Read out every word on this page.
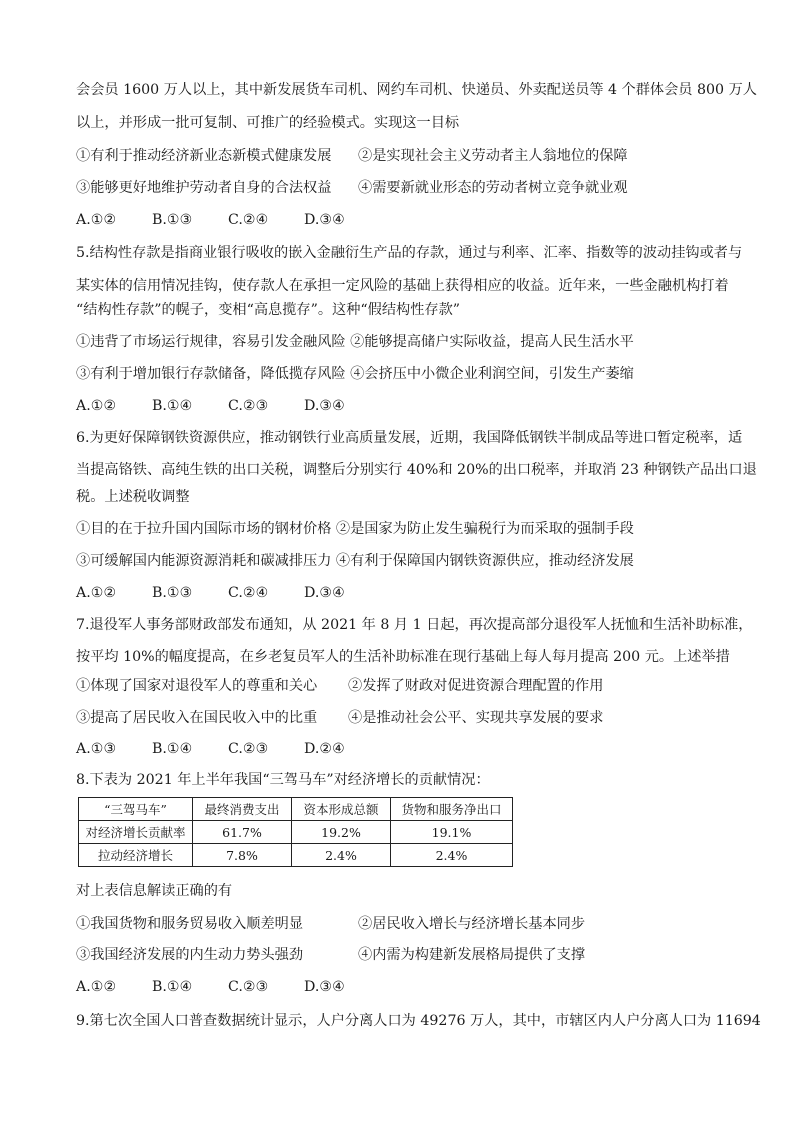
会会员 1600 万人以上，其中新发展货车司机、网约车司机、快递员、外卖配送员等 4 个群体会员 800 万人
以上，并形成一批可复制、可推广的经验模式。实现这一目标
①有利于推动经济新业态新模式健康发展 ②是实现社会主义劳动者主人翁地位的保障
③能够更好地维护劳动者自身的合法权益 ④需要新就业形态的劳动者树立竞争就业观
A.①②	B.①③	C.②④	D.③④
5.结构性存款是指商业银行吸收的嵌入金融衍生产品的存款，通过与利率、汇率、指数等的波动挂钩或者与
某实体的信用情况挂钩，使存款人在承担一定风险的基础上获得相应的收益。近年来，一些金融机构打着
“结构性存款”的幌子，变相“高息揽存”。这种“假结构性存款”
①违背了市场运行规律，容易引发金融风险 ②能够提高储户实际收益，提高人民生活水平
③有利于增加银行存款储备，降低揽存风险 ④会挤压中小微企业利润空间，引发生产萎缩
A.①②	B.①④	C.②③	D.③④
6.为更好保障钢铁资源供应，推动钢铁行业高质量发展，近期，我国降低钢铁半制成品等进口暂定税率，适
当提高铬铁、高纯生铁的出口关税，调整后分别实行 40%和 20%的出口税率，并取消 23 种钢铁产品出口退
税。上述税收调整
①目的在于拉升国内国际市场的钢材价格 ②是国家为防止发生骗税行为而采取的强制手段
③可缓解国内能源资源消耗和碳减排压力 ④有利于保障国内钢铁资源供应，推动经济发展
A.①②	B.①③	C.②④	D.③④
7.退役军人事务部财政部发布通知，从 2021 年 8 月 1 日起，再次提高部分退役军人抚恤和生活补助标准，
按平均 10%的幅度提高，在乡老复员军人的生活补助标准在现行基础上每人每月提高 200 元。上述举措
①体现了国家对退役军人的尊重和关心 ②发挥了财政对促进资源合理配置的作用
③提高了居民收入在国民收入中的比重 ④是推动社会公平、实现共享发展的要求
A.①③	B.①④	C.②③	D.②④
8.下表为 2021 年上半年我国“三驾马车”对经济增长的贡献情况：
“三驾马车”	最终消费支出	资本形成总额	货物和服务净出口
对经济增长贡献率	61.7%	19.2%	19.1%
拉动经济增长	7.8%	2.4%	2.4%
对上表信息解读正确的有
①我国货物和服务贸易收入顺差明显	②居民收入增长与经济增长基本同步
③我国经济发展的内生动力势头强劲	④内需为构建新发展格局提供了支撑
A.①②	B.①④	C.②③	D.③④
9.第七次全国人口普查数据统计显示，人户分离人口为 49276 万人，其中，市辖区内人户分离人口为 11694
